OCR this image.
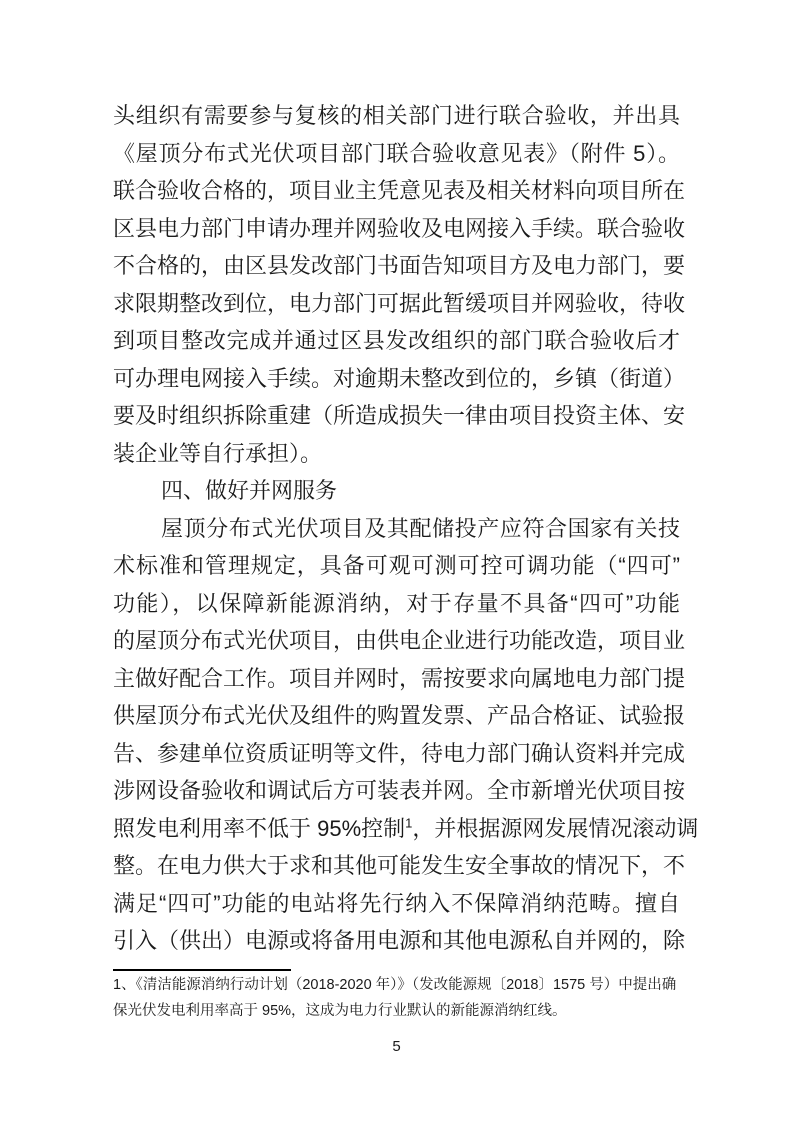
头组织有需要参与复核的相关部门进行联合验收，并出具
《屋顶分布式光伏项目部门联合验收意见表》（附件 5）。
联合验收合格的，项目业主凭意见表及相关材料向项目所在
区县电力部门申请办理并网验收及电网接入手续。联合验收
不合格的，由区县发改部门书面告知项目方及电力部门，要
求限期整改到位，电力部门可据此暂缓项目并网验收，待收
到项目整改完成并通过区县发改组织的部门联合验收后才
可办理电网接入手续。对逾期未整改到位的，乡镇（街道）
要及时组织拆除重建（所造成损失一律由项目投资主体、安
装企业等自行承担）。
四、做好并网服务
屋顶分布式光伏项目及其配储投产应符合国家有关技
术标准和管理规定，具备可观可测可控可调功能（“四可”
功能），以保障新能源消纳，对于存量不具备“四可”功能
的屋顶分布式光伏项目，由供电企业进行功能改造，项目业
主做好配合工作。项目并网时，需按要求向属地电力部门提
供屋顶分布式光伏及组件的购置发票、产品合格证、试验报
告、参建单位资质证明等文件，待电力部门确认资料并完成
涉网设备验收和调试后方可装表并网。全市新增光伏项目按
照发电利用率不低于 95%控制$^1$，并根据源网发展情况滚动调
整。在电力供大于求和其他可能发生安全事故的情况下，不
满足“四可”功能的电站将先行纳入不保障消纳范畴。擅自
引入（供出）电源或将备用电源和其他电源私自并网的，除
1、《清洁能源消纳行动计划（2018-2020 年）》（发改能源规〔2018〕1575 号）中提出确
保光伏发电利用率高于 95%，这成为电力行业默认的新能源消纳红线。
5
